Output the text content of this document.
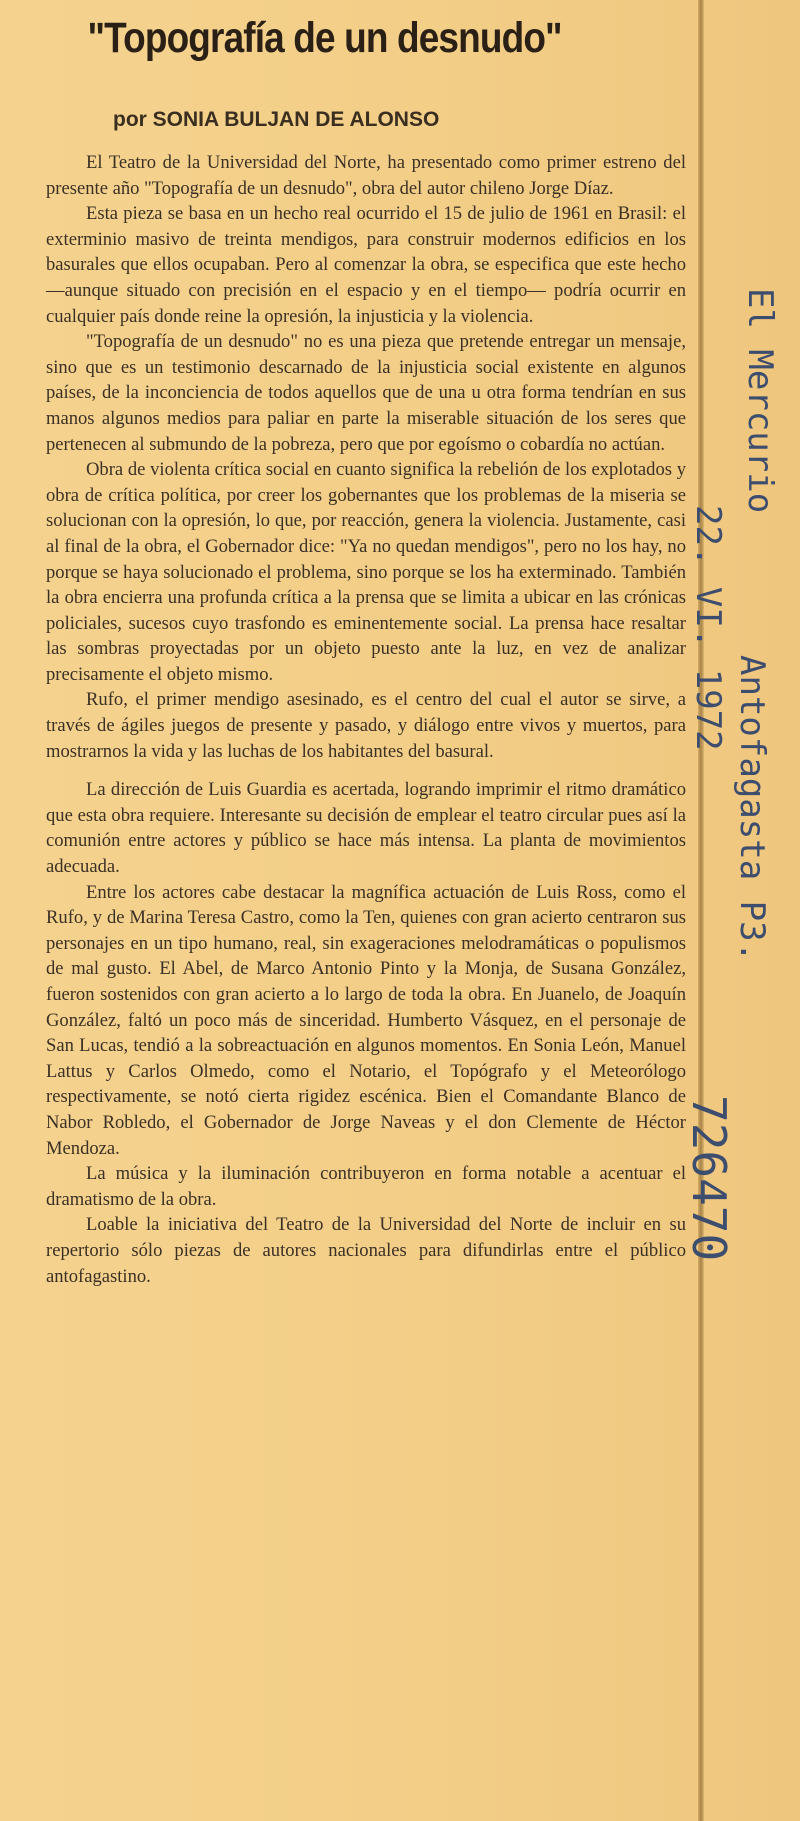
"Topografía de un desnudo"
por SONIA BULJAN DE ALONSO

El Teatro de la Universidad del Norte, ha presentado como primer estreno del presente año "Topografía de un desnudo", obra del autor chileno Jorge Díaz.

Esta pieza se basa en un hecho real ocurrido el 15 de julio de 1961 en Brasil: el exterminio masivo de treinta mendigos, para construir modernos edificios en los basurales que ellos ocupaban. Pero al comenzar la obra, se especifica que este hecho —aunque situado con precisión en el espacio y en el tiempo— podría ocurrir en cualquier país donde reine la opresión, la injusticia y la violencia.

"Topografía de un desnudo" no es una pieza que pretende entregar un mensaje, sino que es un testimonio descarnado de la injusticia social existente en algunos países, de la inconciencia de todos aquellos que de una u otra forma tendrían en sus manos algunos medios para paliar en parte la miserable situación de los seres que pertenecen al submundo de la pobreza, pero que por egoísmo o cobardía no actúan.

Obra de violenta crítica social en cuanto significa la rebelión de los explotados y obra de crítica política, por creer los gobernantes que los problemas de la miseria se solucionan con la opresión, lo que, por reacción, genera la violencia. Justamente, casi al final de la obra, el Gobernador dice: "Ya no quedan mendigos", pero no los hay, no porque se haya solucionado el problema, sino porque se los ha exterminado. También la obra encierra una profunda crítica a la prensa que se limita a ubicar en las crónicas policiales, sucesos cuyo trasfondo es eminentemente social. La prensa hace resaltar las sombras proyectadas por un objeto puesto ante la luz, en vez de analizar precisamente el objeto mismo.

Rufo, el primer mendigo asesinado, es el centro del cual el autor se sirve, a través de ágiles juegos de presente y pasado, y diálogo entre vivos y muertos, para mostrarnos la vida y las luchas de los habitantes del basural.

La dirección de Luis Guardia es acertada, logrando imprimir el ritmo dramático que esta obra requiere. Interesante su decisión de emplear el teatro circular pues así la comunión entre actores y público se hace más intensa. La planta de movimientos adecuada.

Entre los actores cabe destacar la magnífica actuación de Luis Ross, como el Rufo, y de Marina Teresa Castro, como la Ten, quienes con gran acierto centraron sus personajes en un tipo humano, real, sin exageraciones melodramáticas o populismos de mal gusto. El Abel, de Marco Antonio Pinto y la Monja, de Susana González, fueron sostenidos con gran acierto a lo largo de toda la obra. En Juanelo, de Joaquín González, faltó un poco más de sinceridad. Humberto Vásquez, en el personaje de San Lucas, tendió a la sobreactuación en algunos momentos. En Sonia León, Manuel Lattus y Carlos Olmedo, como el Notario, el Topógrafo y el Meteorólogo respectivamente, se notó cierta rigidez escénica. Bien el Comandante Blanco de Nabor Robledo, el Gobernador de Jorge Naveas y el don Clemente de Héctor Mendoza.

La música y la iluminación contribuyeron en forma notable a acentuar el dramatismo de la obra.

Loable la iniciativa del Teatro de la Universidad del Norte de incluir en su repertorio sólo piezas de autores nacionales para difundirlas entre el público antofagastino.

El Mercurio
22. VI. 1972
Antofagasta P3.
726470
